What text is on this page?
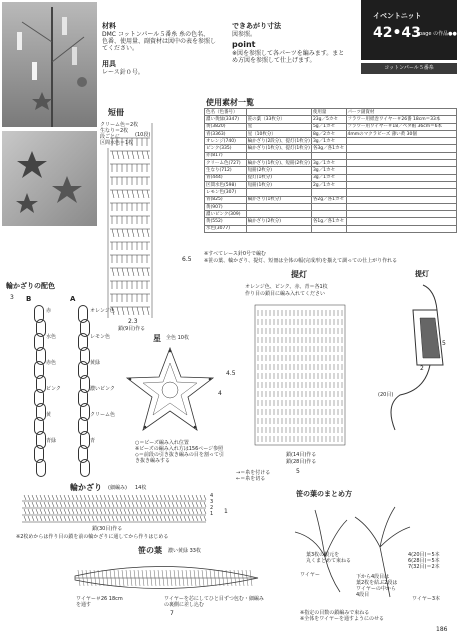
材料
DMC コットンパール５番糸 糸の色名、
色番、使用量、副資材は図中の表を参照し
てください。
用具
レース針０号。
できあがり寸法
図参照。
point
※図を参照して各パーツを編みます。まと
め方図を参照して仕上げます。
イベントニット
42•43
page の作品●●
コットンパール５番糸
短冊
クリーム色＝2枚
生なり＝2枚
段ごとに
区間水色＝1枚
(10段)
6.5
2.3
鎖(9目)作る
使用素材一覧
色名（色番号）		使用量	パーツ副資材
濃い黄緑(3347)	笹の葉（33枚分）	23g／5カセ	フラワー用紙巻ワイヤー＃26番 18cm＝33本
黄(3820)	星	5g／1カセ	フラワー用ワイヤー＃18／ベタ帽 36cm＝6本
青(3363)	星（10枚分）	8g／2カセ	4mmのマクラビーズ 薄い黄 30個
オレンジ(740)	輪かざり(2段分)、提灯(1枚分)	3g／1カセ	
ピンク(335)	輪かざり(1枚分)、提灯(1枚分)	各3g／各1カセ	
赤(817)			
クリーム色(727)	輪かざり(1枚分)、短冊(2枚分)	3g／1カセ	
生なり(712)	短冊(2枚分)	3g／1カセ	
青(444)	提灯(1枚分)	3g／1カセ	
区間水色(598)	短冊(1枚分)	2g／1カセ	
レモン色(307)			
青(825)	輪かざり(1枚分)	各2g／各1カセ	
黄(907)			
濃いピンク(309)			
黄(552)	輪かざり(2枚分)	各1g／各1カセ	
水色(3077)			
※すべてレース針0号で編む
※笹の葉、輪かざり、提灯、短冊は全体の幅(完成形)を揃えて調っての仕上がり作れる
輪かざりの配色
B	A
赤
水色
赤色
ピンク
黄
青緑
オレンジ色
レモン色
黄緑
濃いピンク
クリーム色
青
3
星 全色 10枚
4
○＝ビーズ編み入れ位置
※ビーズの編み入れ方は156ページ参照
◇＝前段の引き抜き編みの目を割って引き抜き編みする
提灯
オレンジ色、ピンク、赤、青＝各1枚
作り目の鎖目に編み入れてください
4.5
鎖(14目)作る
鎖(28目)作る
5
→＝糸を付ける
←＝糸を切る
提灯
5
2
(20目)
輪かざり (細編み) 14枚
4
3
2
1
鎖(30目)作る
1
※2枚めからは作り目の鎖を前の輪かざりに通してから作りはじめる
笹の葉 濃い黄緑 33枚
ワイヤー＃26 18cm
を通す
ワイヤーを芯にしてひと目ずつ包む・細編みの裏側に差し込む
7
笹の葉のまとめ方
葉3枚の根元を
丸くまとめて束ねる
ワイヤー	下から4段目は
葉2枚を結ぶ2段は
ワイヤーの中から
4段目
ワイヤー3本
4(20目)＝5本
6(28目)＝5本
7(32目)＝2本
※指定の目数の鎖編みで束ねる
※全体をワイヤーを通すようにのせる
186
